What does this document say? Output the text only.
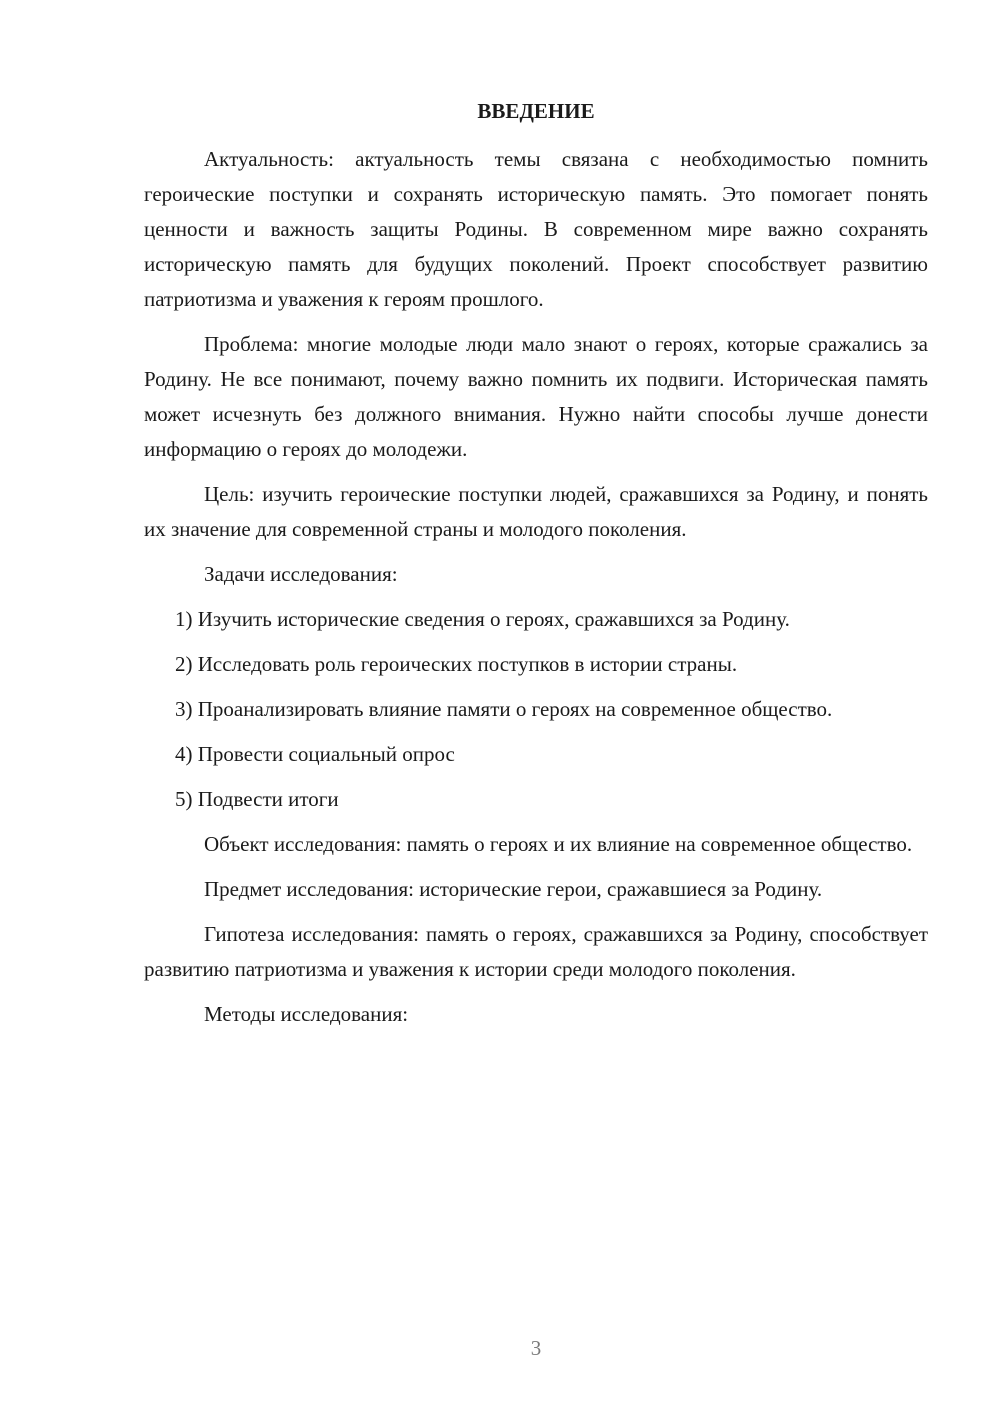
ВВЕДЕНИЕ

Актуальность: актуальность темы связана с необходимостью помнить героические поступки и сохранять историческую память. Это помогает понять ценности и важность защиты Родины. В современном мире важно сохранять историческую память для будущих поколений. Проект способствует развитию патриотизма и уважения к героям прошлого.

Проблема: многие молодые люди мало знают о героях, которые сражались за Родину. Не все понимают, почему важно помнить их подвиги. Историческая память может исчезнуть без должного внимания. Нужно найти способы лучше донести информацию о героях до молодежи.

Цель: изучить героические поступки людей, сражавшихся за Родину, и понять их значение для современной страны и молодого поколения.

Задачи исследования:

1) Изучить исторические сведения о героях, сражавшихся за Родину.

2) Исследовать роль героических поступков в истории страны.

3) Проанализировать влияние памяти о героях на современное общество.

4) Провести социальный опрос

5) Подвести итоги

Объект исследования: память о героях и их влияние на современное общество.

Предмет исследования: исторические герои, сражавшиеся за Родину.

Гипотеза исследования: память о героях, сражавшихся за Родину, способствует развитию патриотизма и уважения к истории среди молодого поколения.

Методы исследования:

3
